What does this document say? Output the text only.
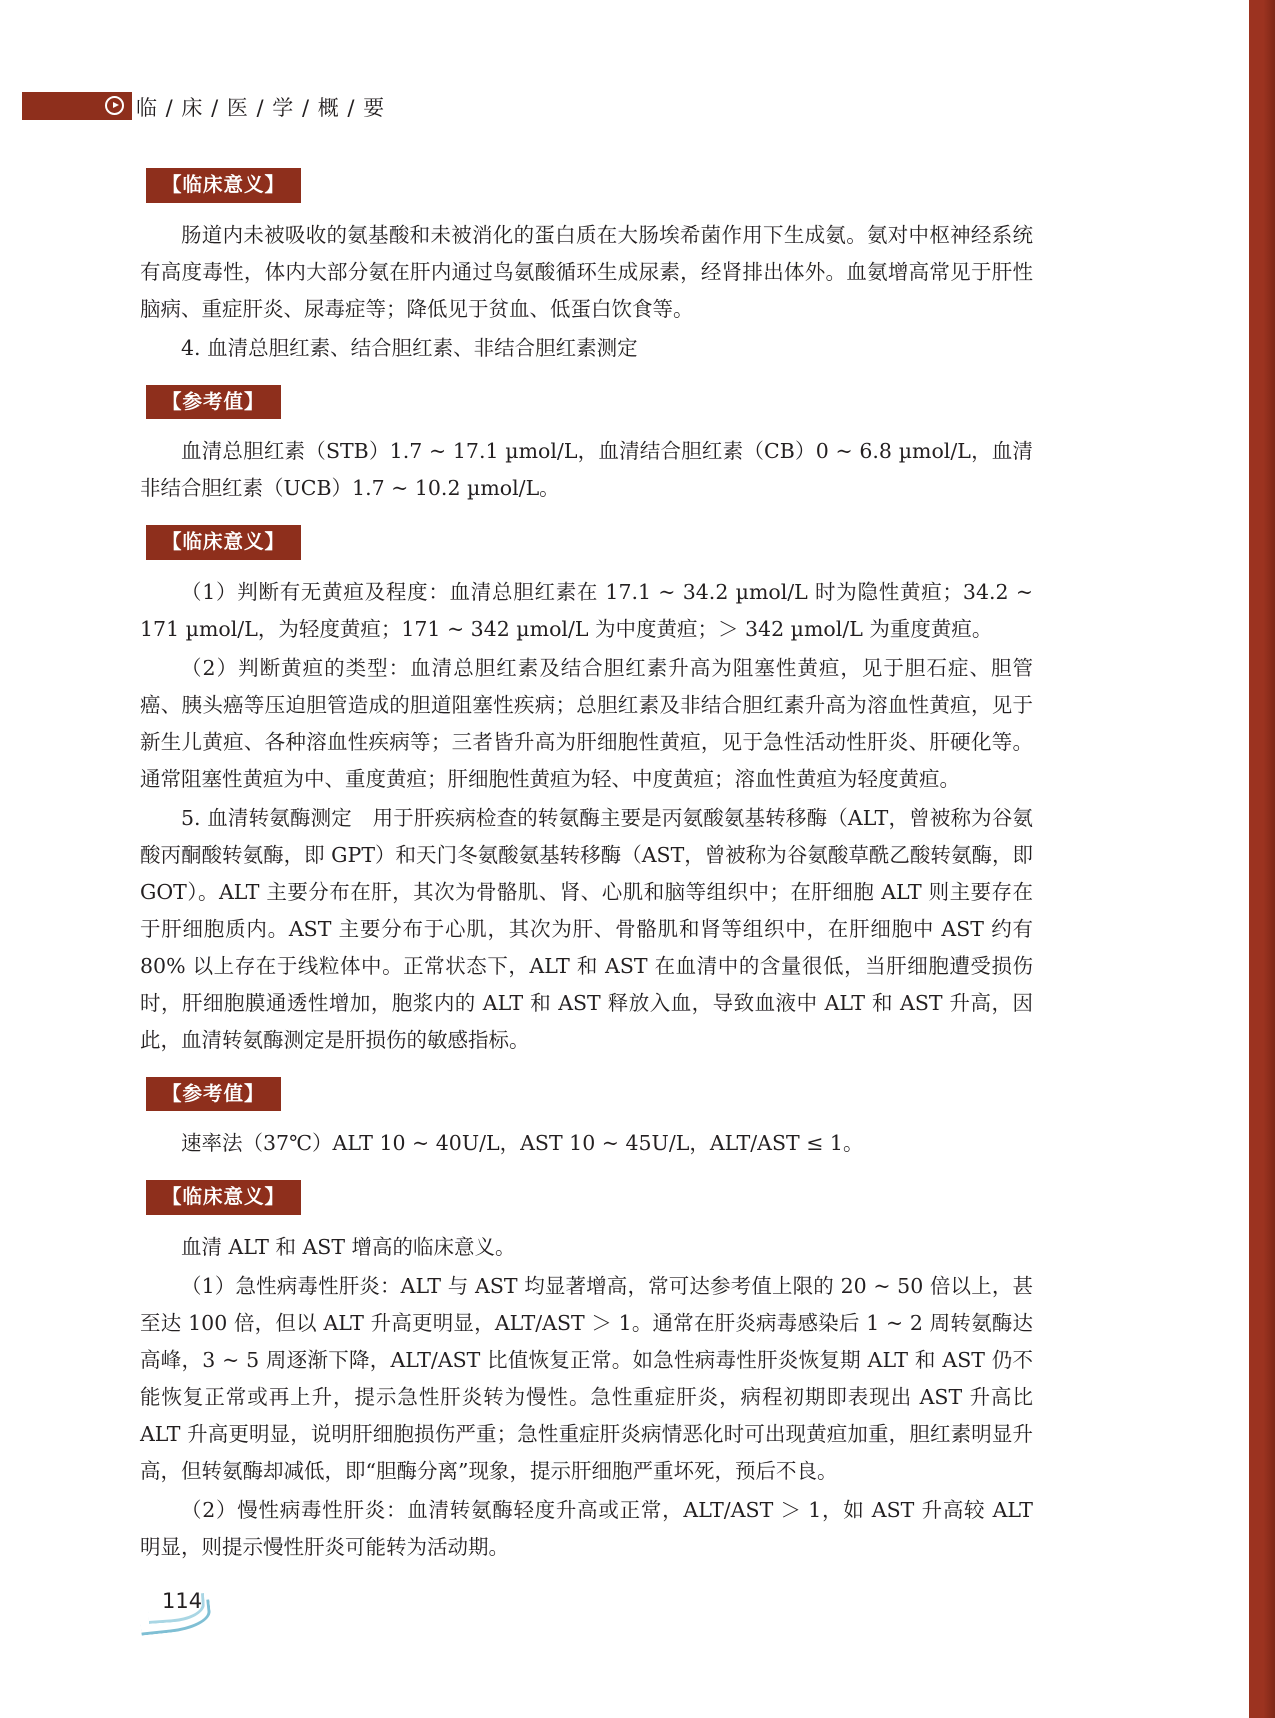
临 / 床 / 医 / 学 / 概 / 要
【临床意义】

肠道内未被吸收的氨基酸和未被消化的蛋白质在大肠埃希菌作用下生成氨。氨对中枢神经系统有高度毒性，体内大部分氨在肝内通过鸟氨酸循环生成尿素，经肾排出体外。血氨增高常见于肝性脑病、重症肝炎、尿毒症等；降低见于贫血、低蛋白饮食等。

4. 血清总胆红素、结合胆红素、非结合胆红素测定

【参考值】

血清总胆红素（STB）1.7 ~ 17.1 µmol/L，血清结合胆红素（CB）0 ~ 6.8 µmol/L，血清非结合胆红素（UCB）1.7 ~ 10.2 µmol/L。

【临床意义】

（1）判断有无黄疸及程度：血清总胆红素在 17.1 ~ 34.2 µmol/L 时为隐性黄疸；34.2 ~ 171 µmol/L，为轻度黄疸；171 ~ 342 µmol/L 为中度黄疸；＞ 342 µmol/L 为重度黄疸。

（2）判断黄疸的类型：血清总胆红素及结合胆红素升高为阻塞性黄疸，见于胆石症、胆管癌、胰头癌等压迫胆管造成的胆道阻塞性疾病；总胆红素及非结合胆红素升高为溶血性黄疸，见于新生儿黄疸、各种溶血性疾病等；三者皆升高为肝细胞性黄疸，见于急性活动性肝炎、肝硬化等。通常阻塞性黄疸为中、重度黄疸；肝细胞性黄疸为轻、中度黄疸；溶血性黄疸为轻度黄疸。

5. 血清转氨酶测定　用于肝疾病检查的转氨酶主要是丙氨酸氨基转移酶（ALT，曾被称为谷氨酸丙酮酸转氨酶，即 GPT）和天门冬氨酸氨基转移酶（AST，曾被称为谷氨酸草酰乙酸转氨酶，即 GOT）。ALT 主要分布在肝，其次为骨骼肌、肾、心肌和脑等组织中；在肝细胞 ALT 则主要存在于肝细胞质内。AST 主要分布于心肌，其次为肝、骨骼肌和肾等组织中，在肝细胞中 AST 约有 80% 以上存在于线粒体中。正常状态下，ALT 和 AST 在血清中的含量很低，当肝细胞遭受损伤时，肝细胞膜通透性增加，胞浆内的 ALT 和 AST 释放入血，导致血液中 ALT 和 AST 升高，因此，血清转氨酶测定是肝损伤的敏感指标。

【参考值】

速率法（37℃）ALT 10 ~ 40U/L，AST 10 ~ 45U/L，ALT/AST ≤ 1。

【临床意义】

血清 ALT 和 AST 增高的临床意义。

（1）急性病毒性肝炎：ALT 与 AST 均显著增高，常可达参考值上限的 20 ~ 50 倍以上，甚至达 100 倍，但以 ALT 升高更明显，ALT/AST ＞ 1。通常在肝炎病毒感染后 1 ~ 2 周转氨酶达高峰，3 ~ 5 周逐渐下降，ALT/AST 比值恢复正常。如急性病毒性肝炎恢复期 ALT 和 AST 仍不能恢复正常或再上升，提示急性肝炎转为慢性。急性重症肝炎，病程初期即表现出 AST 升高比 ALT 升高更明显，说明肝细胞损伤严重；急性重症肝炎病情恶化时可出现黄疸加重，胆红素明显升高，但转氨酶却减低，即“胆酶分离”现象，提示肝细胞严重坏死，预后不良。

（2）慢性病毒性肝炎：血清转氨酶轻度升高或正常，ALT/AST ＞ 1，如 AST 升高较 ALT 明显，则提示慢性肝炎可能转为活动期。

114
